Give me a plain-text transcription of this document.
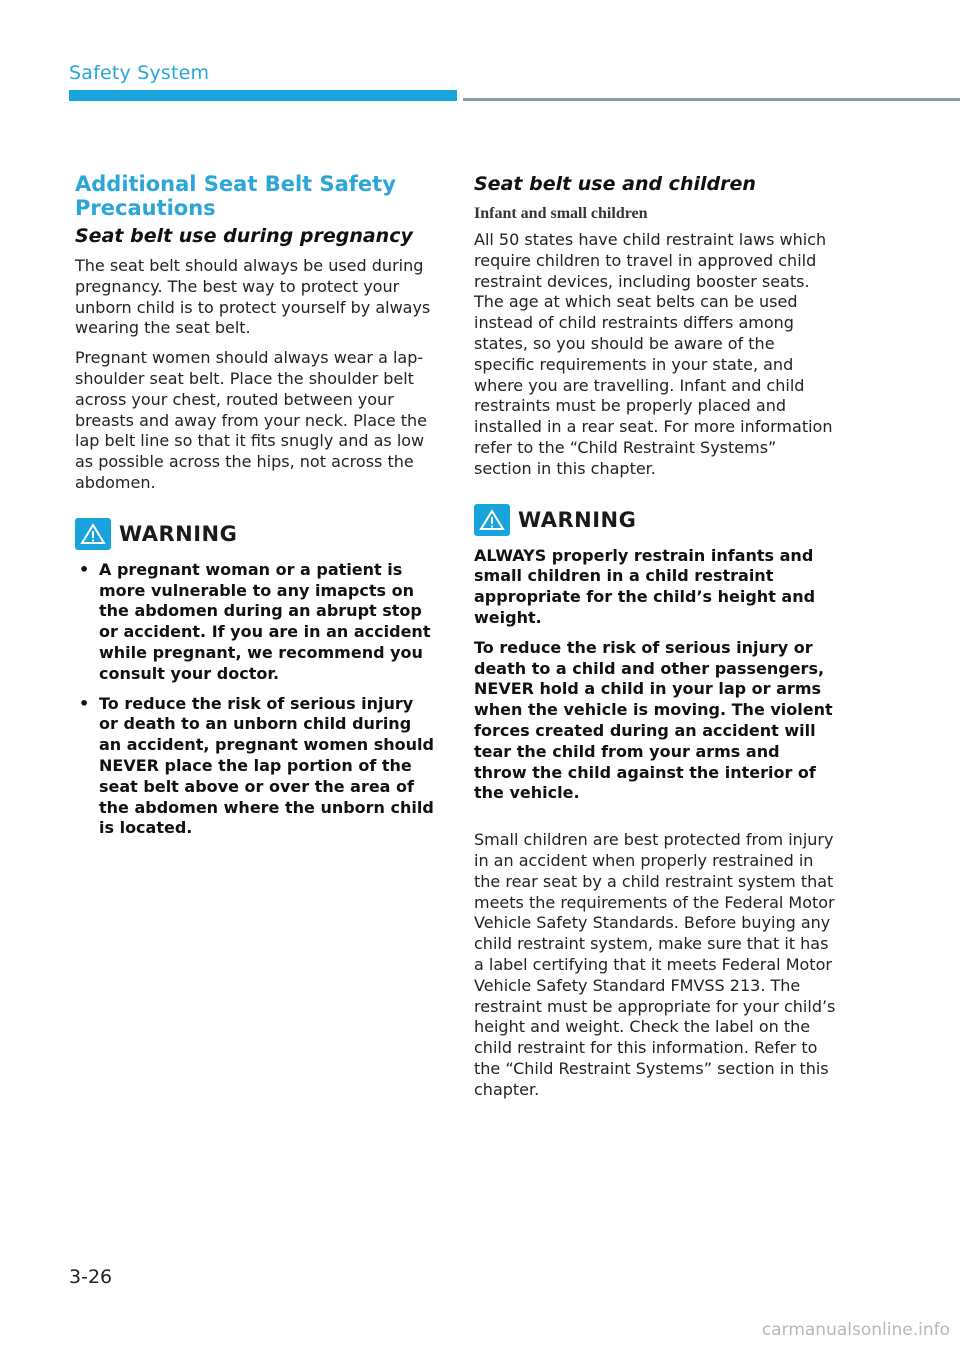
Safety System
Additional Seat Belt Safety Precautions
Seat belt use during pregnancy

The seat belt should always be used during pregnancy. The best way to protect your unborn child is to protect yourself by always wearing the seat belt.

Pregnant women should always wear a lap-shoulder seat belt. Place the shoulder belt across your chest, routed between your breasts and away from your neck. Place the lap belt line so that it fits snugly and as low as possible across the hips, not across the abdomen.

WARNING
• A pregnant woman or a patient is more vulnerable to any imapcts on the abdomen during an abrupt stop or accident. If you are in an accident while pregnant, we recommend you consult your doctor.
• To reduce the risk of serious injury or death to an unborn child during an accident, pregnant women should NEVER place the lap portion of the seat belt above or over the area of the abdomen where the unborn child is located.
Seat belt use and children
Infant and small children

All 50 states have child restraint laws which require children to travel in approved child restraint devices, including booster seats. The age at which seat belts can be used instead of child restraints differs among states, so you should be aware of the specific requirements in your state, and where you are travelling. Infant and child restraints must be properly placed and installed in a rear seat. For more information refer to the “Child Restraint Systems” section in this chapter.

WARNING

ALWAYS properly restrain infants and small children in a child restraint appropriate for the child’s height and weight.

To reduce the risk of serious injury or death to a child and other passengers, NEVER hold a child in your lap or arms when the vehicle is moving. The violent forces created during an accident will tear the child from your arms and throw the child against the interior of the vehicle.

Small children are best protected from injury in an accident when properly restrained in the rear seat by a child restraint system that meets the requirements of the Federal Motor Vehicle Safety Standards. Before buying any child restraint system, make sure that it has a label certifying that it meets Federal Motor Vehicle Safety Standard FMVSS 213. The restraint must be appropriate for your child’s height and weight. Check the label on the child restraint for this information. Refer to the “Child Restraint Systems” section in this chapter.

3-26
carmanualsonline.info
